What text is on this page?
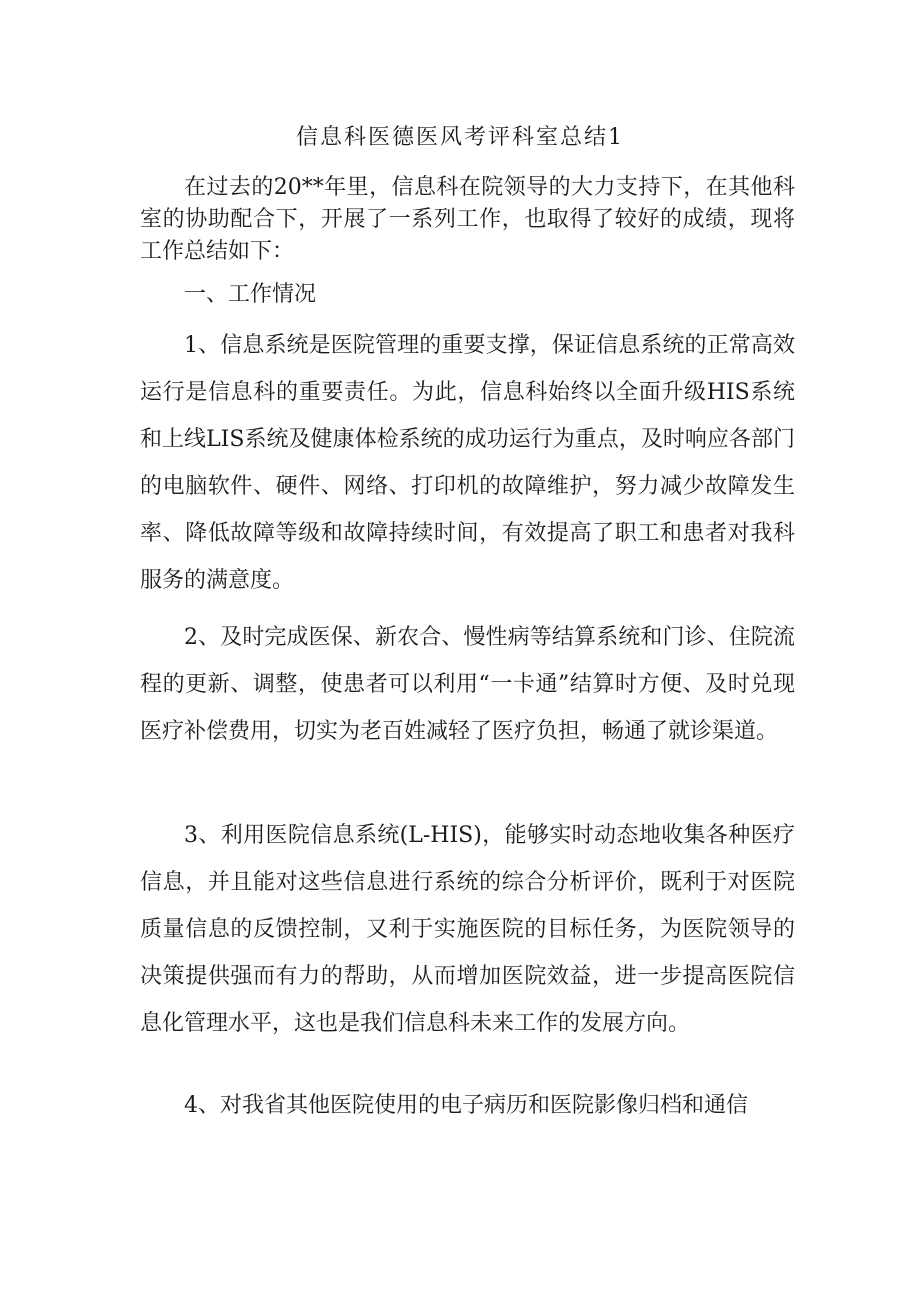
信息科医德医风考评科室总结1
在过去的20**年里，信息科在院领导的大力支持下，在其他科室的协助配合下，开展了一系列工作，也取得了较好的成绩，现将工作总结如下：
一、工作情况
1、信息系统是医院管理的重要支撑，保证信息系统的正常高效运行是信息科的重要责任。为此，信息科始终以全面升级HIS系统和上线LIS系统及健康体检系统的成功运行为重点，及时响应各部门的电脑软件、硬件、网络、打印机的故障维护，努力减少故障发生率、降低故障等级和故障持续时间，有效提高了职工和患者对我科服务的满意度。
2、及时完成医保、新农合、慢性病等结算系统和门诊、住院流程的更新、调整，使患者可以利用“一卡通”结算时方便、及时兑现医疗补偿费用，切实为老百姓减轻了医疗负担，畅通了就诊渠道。
3、利用医院信息系统(L-HIS)，能够实时动态地收集各种医疗信息，并且能对这些信息进行系统的综合分析评价，既利于对医院质量信息的反馈控制，又利于实施医院的目标任务，为医院领导的决策提供强而有力的帮助，从而增加医院效益，进一步提高医院信息化管理水平，这也是我们信息科未来工作的发展方向。
4、对我省其他医院使用的电子病历和医院影像归档和通信
